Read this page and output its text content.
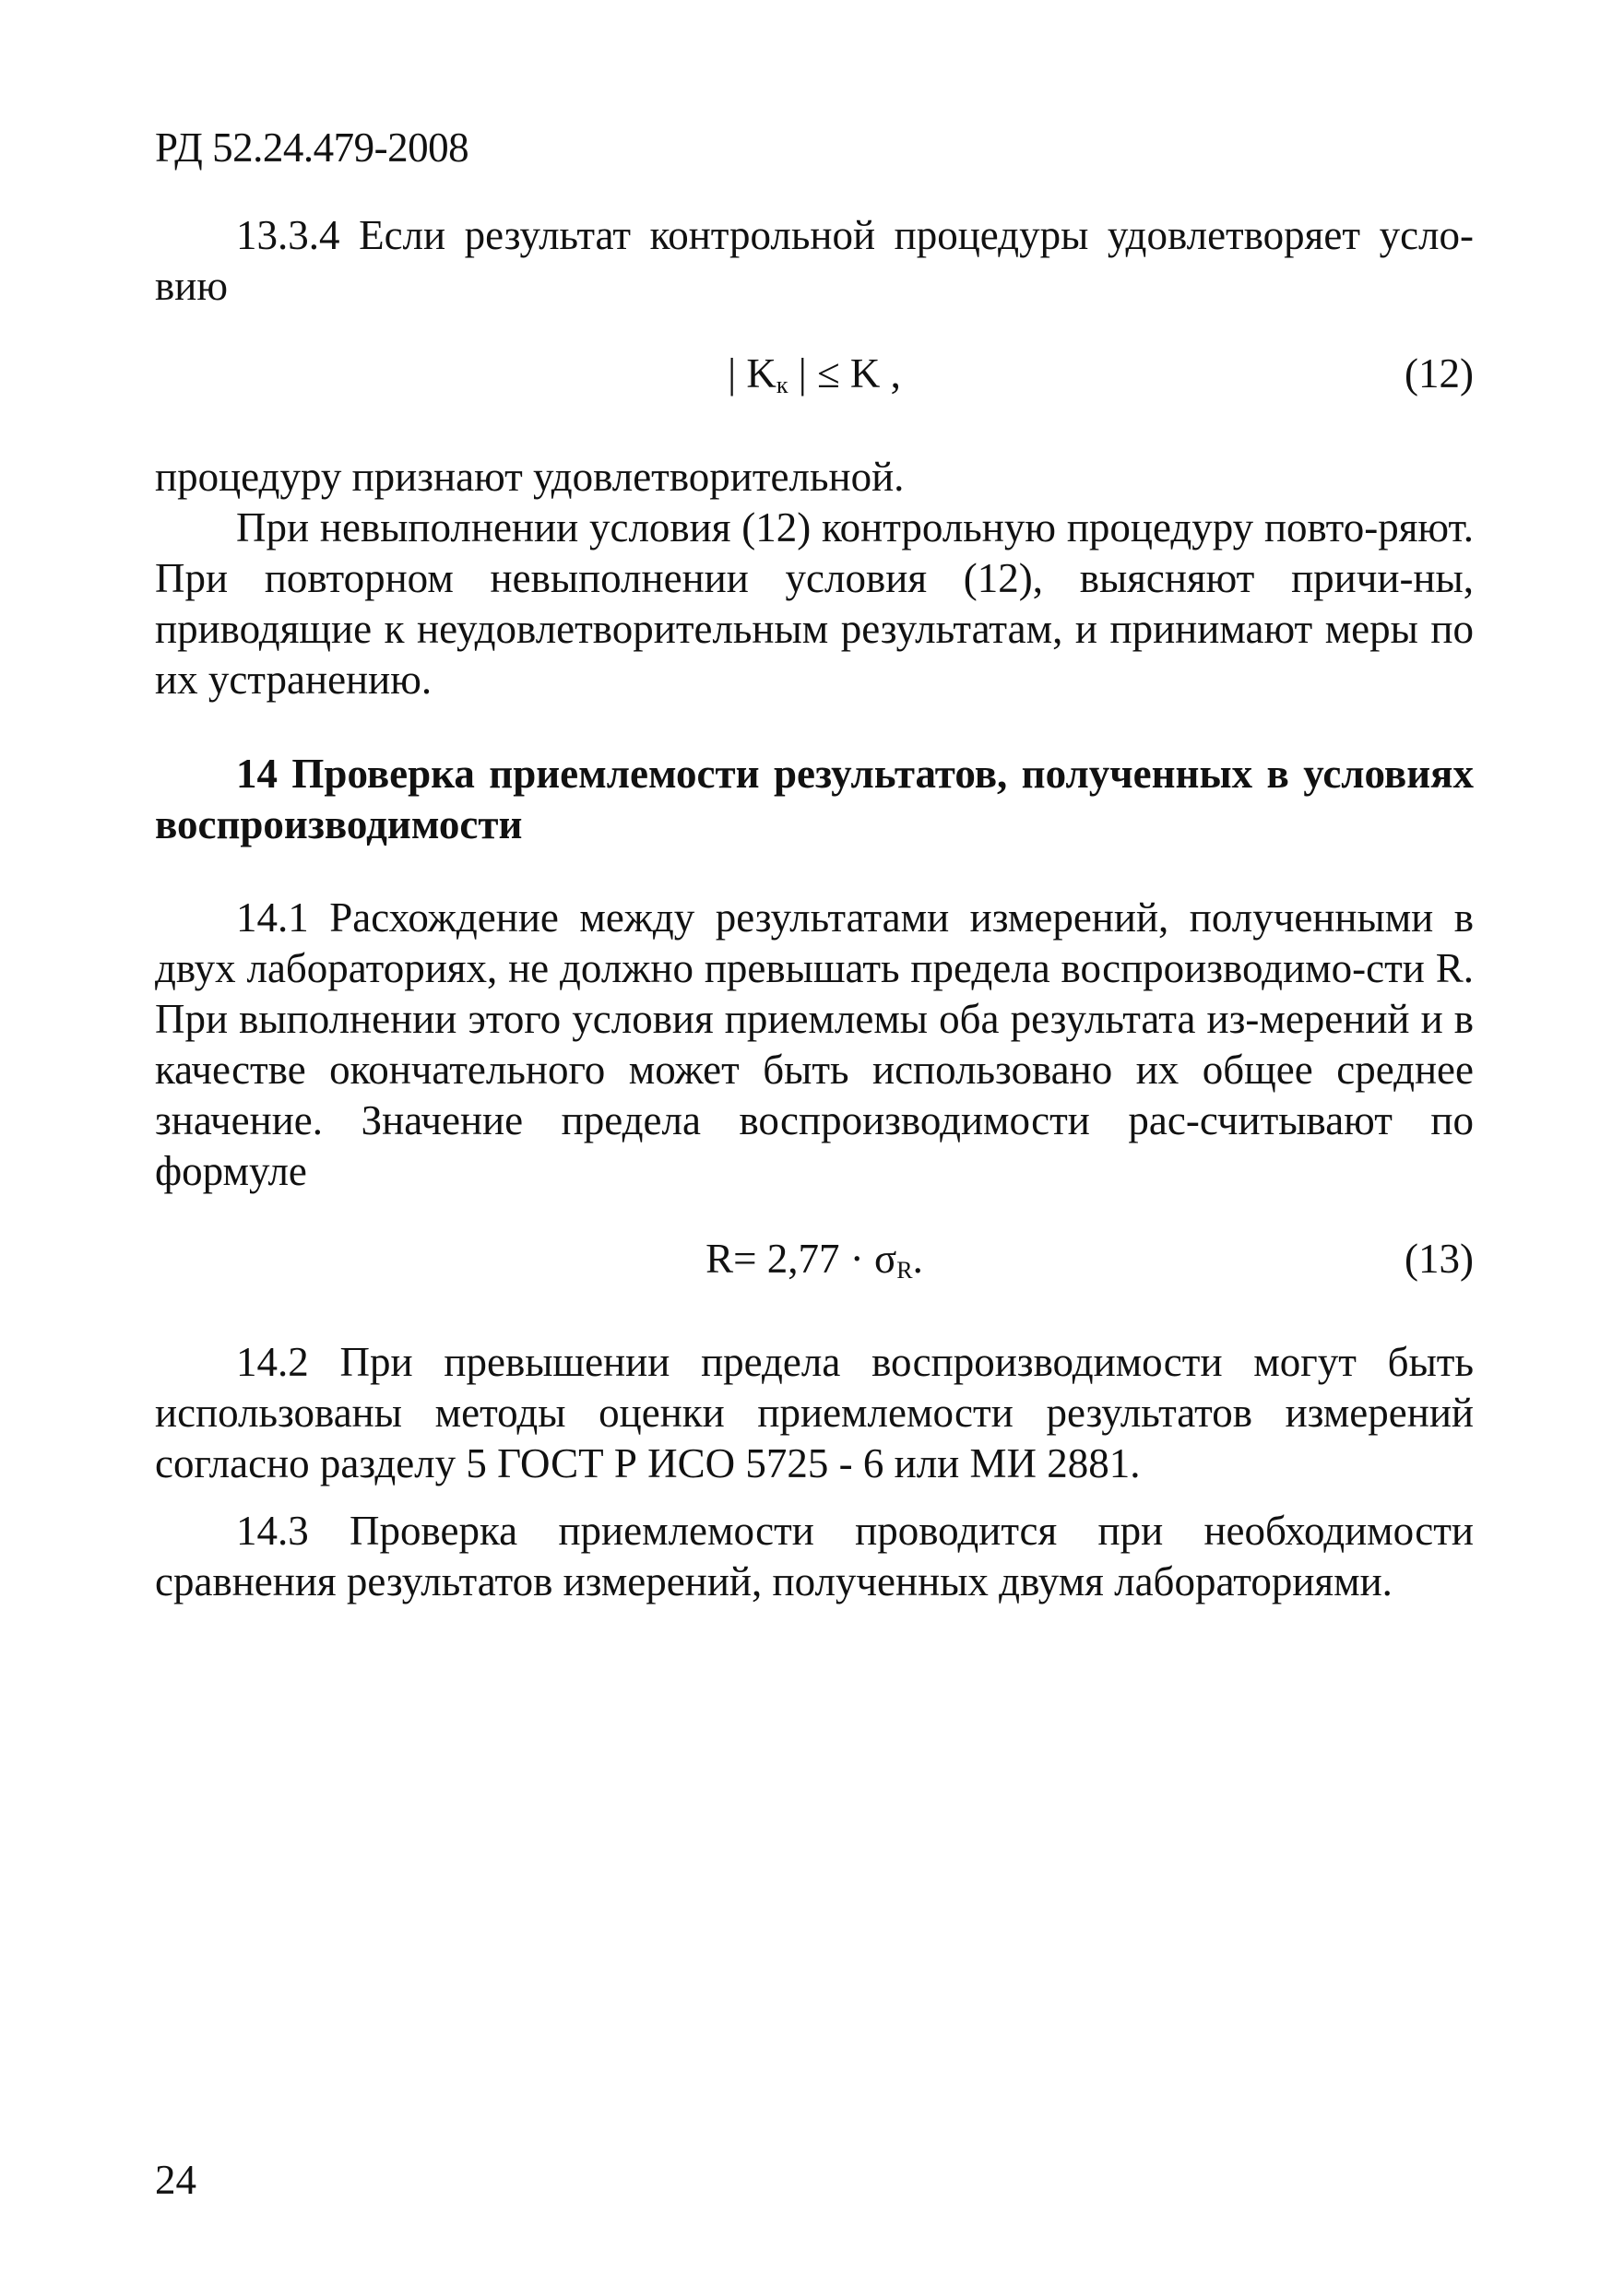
РД 52.24.479-2008

13.3.4 Если результат контрольной процедуры удовлетворяет усло-вию

| $K_к$ | ≤ K ,	(12)

процедуру признают удовлетворительной.

При невыполнении условия (12) контрольную процедуру повто-ряют. При повторном невыполнении условия (12), выясняют причи-ны, приводящие к неудовлетворительным результатам, и принимают меры по их устранению.

14 Проверка приемлемости результатов, полученных в условиях воспроизводимости

14.1 Расхождение между результатами измерений, полученными в двух лабораториях, не должно превышать предела воспроизводимо-сти R. При выполнении этого условия приемлемы оба результата из-мерений и в качестве окончательного может быть использовано их общее среднее значение. Значение предела воспроизводимости рас-считывают по формуле

$R= 2,77 \cdot \sigma_R$.	(13)

14.2 При превышении предела воспроизводимости могут быть использованы методы оценки приемлемости результатов измерений согласно разделу 5 ГОСТ Р ИСО 5725 - 6 или МИ 2881.

14.3 Проверка приемлемости проводится при необходимости сравнения результатов измерений, полученных двумя лабораториями.

24
